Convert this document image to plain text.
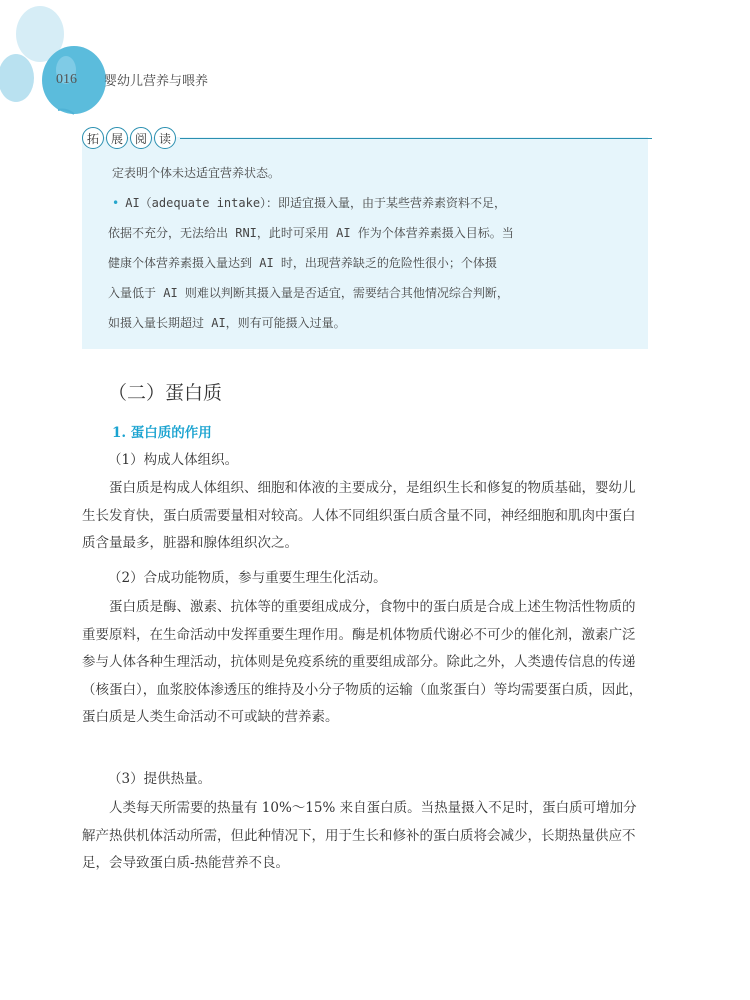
016 婴幼儿营养与喂养
拓 展 阅 读

定表明个体未达适宜营养状态。

• AI（adequate intake）：即适宜摄入量，由于某些营养素资料不足，

依据不充分，无法给出 RNI，此时可采用 AI 作为个体营养素摄入目标。当

健康个体营养素摄入量达到 AI 时，出现营养缺乏的危险性很小；个体摄

入量低于 AI 则难以判断其摄入量是否适宜，需要结合其他情况综合判断，

如摄入量长期超过 AI，则有可能摄入过量。

（二）蛋白质
1. 蛋白质的作用

（1）构成人体组织。

蛋白质是构成人体组织、细胞和体液的主要成分，是组织生长和修复的物质基础，婴幼儿生长发育快，蛋白质需要量相对较高。人体不同组织蛋白质含量不同，神经细胞和肌肉中蛋白质含量最多，脏器和腺体组织次之。

（2）合成功能物质，参与重要生理生化活动。

蛋白质是酶、激素、抗体等的重要组成成分，食物中的蛋白质是合成上述生物活性物质的重要原料，在生命活动中发挥重要生理作用。酶是机体物质代谢必不可少的催化剂，激素广泛参与人体各种生理活动，抗体则是免疫系统的重要组成部分。除此之外，人类遗传信息的传递（核蛋白），血浆胶体渗透压的维持及小分子物质的运输（血浆蛋白）等均需要蛋白质，因此，蛋白质是人类生命活动不可或缺的营养素。

（3）提供热量。

人类每天所需要的热量有 10%～15% 来自蛋白质。当热量摄入不足时，蛋白质可增加分解产热供机体活动所需，但此种情况下，用于生长和修补的蛋白质将会减少，长期热量供应不足，会导致蛋白质-热能营养不良。
